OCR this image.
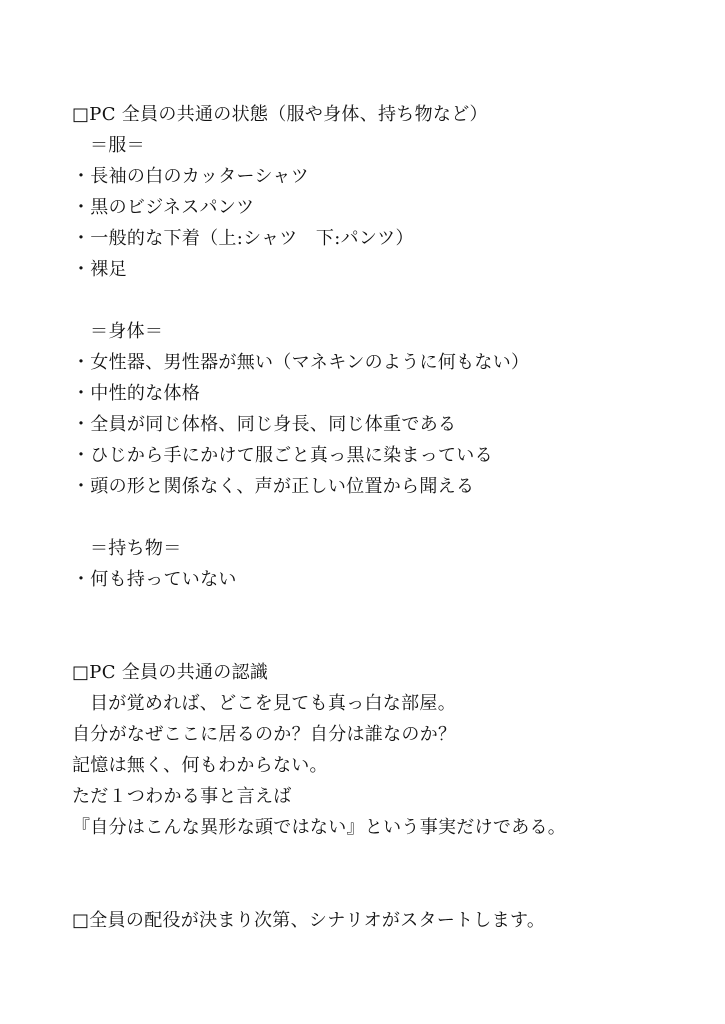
□PC 全員の共通の状態（服や身体、持ち物など）
＝服＝
・長袖の白のカッターシャツ
・黒のビジネスパンツ
・一般的な下着（上:シャツ　下:パンツ）
・裸足
＝身体＝
・女性器、男性器が無い（マネキンのように何もない）
・中性的な体格
・全員が同じ体格、同じ身長、同じ体重である
・ひじから手にかけて服ごと真っ黒に染まっている
・頭の形と関係なく、声が正しい位置から聞える
＝持ち物＝
・何も持っていない
□PC 全員の共通の認識
目が覚めれば、どこを見ても真っ白な部屋。
自分がなぜここに居るのか？自分は誰なのか？
記憶は無く、何もわからない。
ただ１つわかる事と言えば
『自分はこんな異形な頭ではない』という事実だけである。
□全員の配役が決まり次第、シナリオがスタートします。
